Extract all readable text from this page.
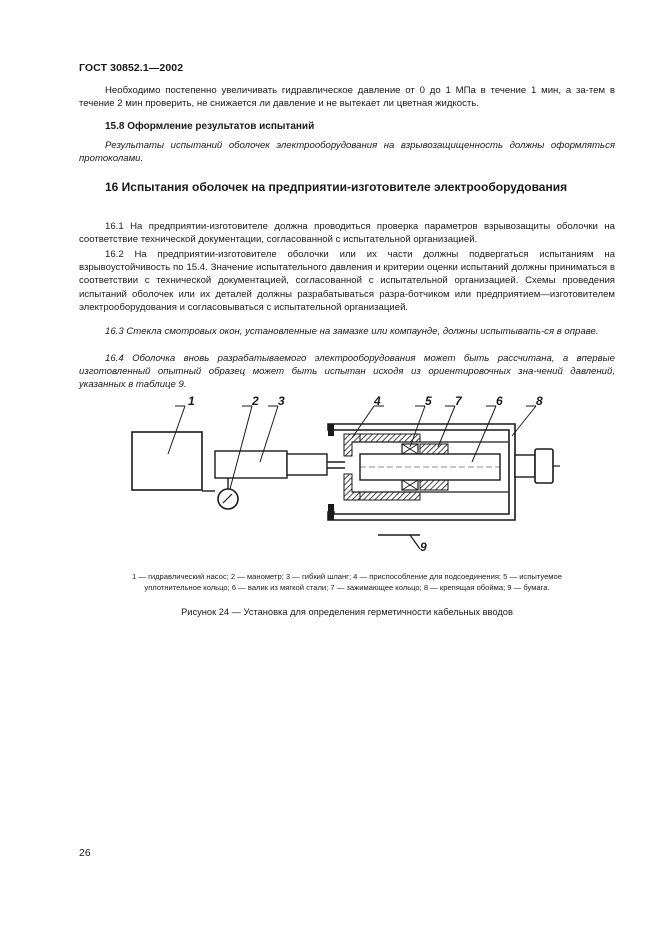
ГОСТ 30852.1—2002
Необходимо постепенно увеличивать гидравлическое давление от 0 до 1 МПа в течение 1 мин, а за-тем в течение 2 мин проверить, не снижается ли давление и не вытекает ли цветная жидкость.
15.8 Оформление результатов испытаний
Результаты испытаний оболочек электрооборудования на взрывозащищенность должны оформляться протоколами.
16 Испытания оболочек на предприятии-изготовителе электрооборудования
16.1 На предприятии-изготовителе должна проводиться проверка параметров взрывозащиты оболочки на соответствие технической документации, согласованной с испытательной организацией.
16.2 На предприятии-изготовителе оболочки или их части должны подвергаться испытаниям на взрывоустойчивость по 15.4. Значение испытательного давления и критерии оценки испытаний должны приниматься в соответствии с технической документацией, согласованной с испытательной организацией. Схемы проведения испытаний оболочек или их деталей должны разрабатываться разра-ботчиком или предприятием—изготовителем электрооборудования и согласовываться с испытательной организацией.
16.3 Стекла смотровых окон, установленные на замазке или компаунде, должны испытывать-ся в оправе.
16.4 Оболочка вновь разрабатываемого электрооборудования может быть рассчитана, а впервые изготовленный опытный образец может быть испытан исходя из ориентировочных зна-чений давлений, указанных в таблице 9.
1	2 3	4	5 7	6	8
9
1 — гидравлический насос; 2 — манометр; 3 — гибкий шланг; 4 — приспособление для подсоединения; 5 — испытуемое
уплотнительное кольцо; 6 — валик из мягкой стали; 7 — зажимающее кольцо; 8 — крепящая обойма; 9 — бумага.
Рисунок 24 — Установка для определения герметичности кабельных вводов
26
